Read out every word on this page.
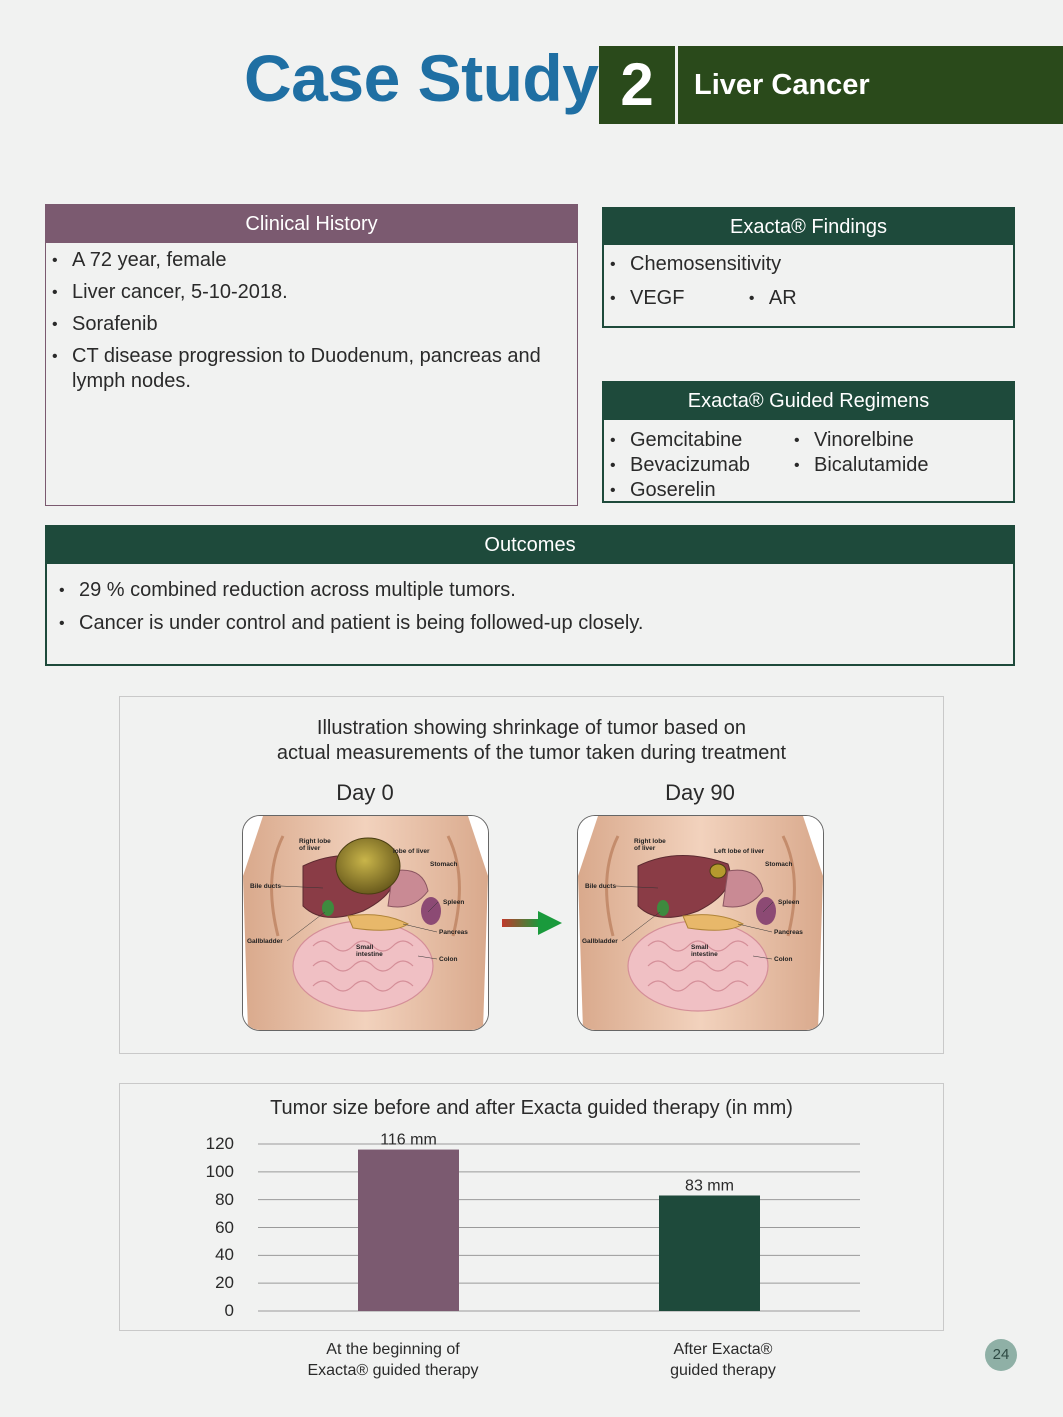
Case Study 2	Liver Cancer
Clinical History
• A 72 year, female
• Liver cancer, 5-10-2018.
• Sorafenib
• CT disease progression to Duodenum, pancreas and lymph nodes.
Exacta® Findings
• Chemosensitivity
• VEGF •	AR
Exacta® Guided Regimens
• Gemcitabine
• Bevacizumab
• Goserelin
• Vinorelbine
• Bicalutamide
Outcomes
• 29 % combined reduction across multiple tumors.
• Cancer is under control and patient is being followed-up closely.
Illustration showing shrinkage of tumor based on
actual measurements of the tumor taken during treatment
Day 0	Day 90
Right lobe
of liver	lobe of liver
Stomach
Bile ducts
Spleen
Gallbladder
Pancreas
Small
intestine
Colon
Right lobe
of liver	Left lobe of liver
Stomach
Bile ducts
Spleen
Gallbladder
Pancreas
Small
intestine
Colon
Tumor size before and after Exacta guided therapy (in mm)
0
20
40
60
80
100
120	116 mm
83 mm
At the beginning of
Exacta® guided therapy
After Exacta®
guided therapy
24
